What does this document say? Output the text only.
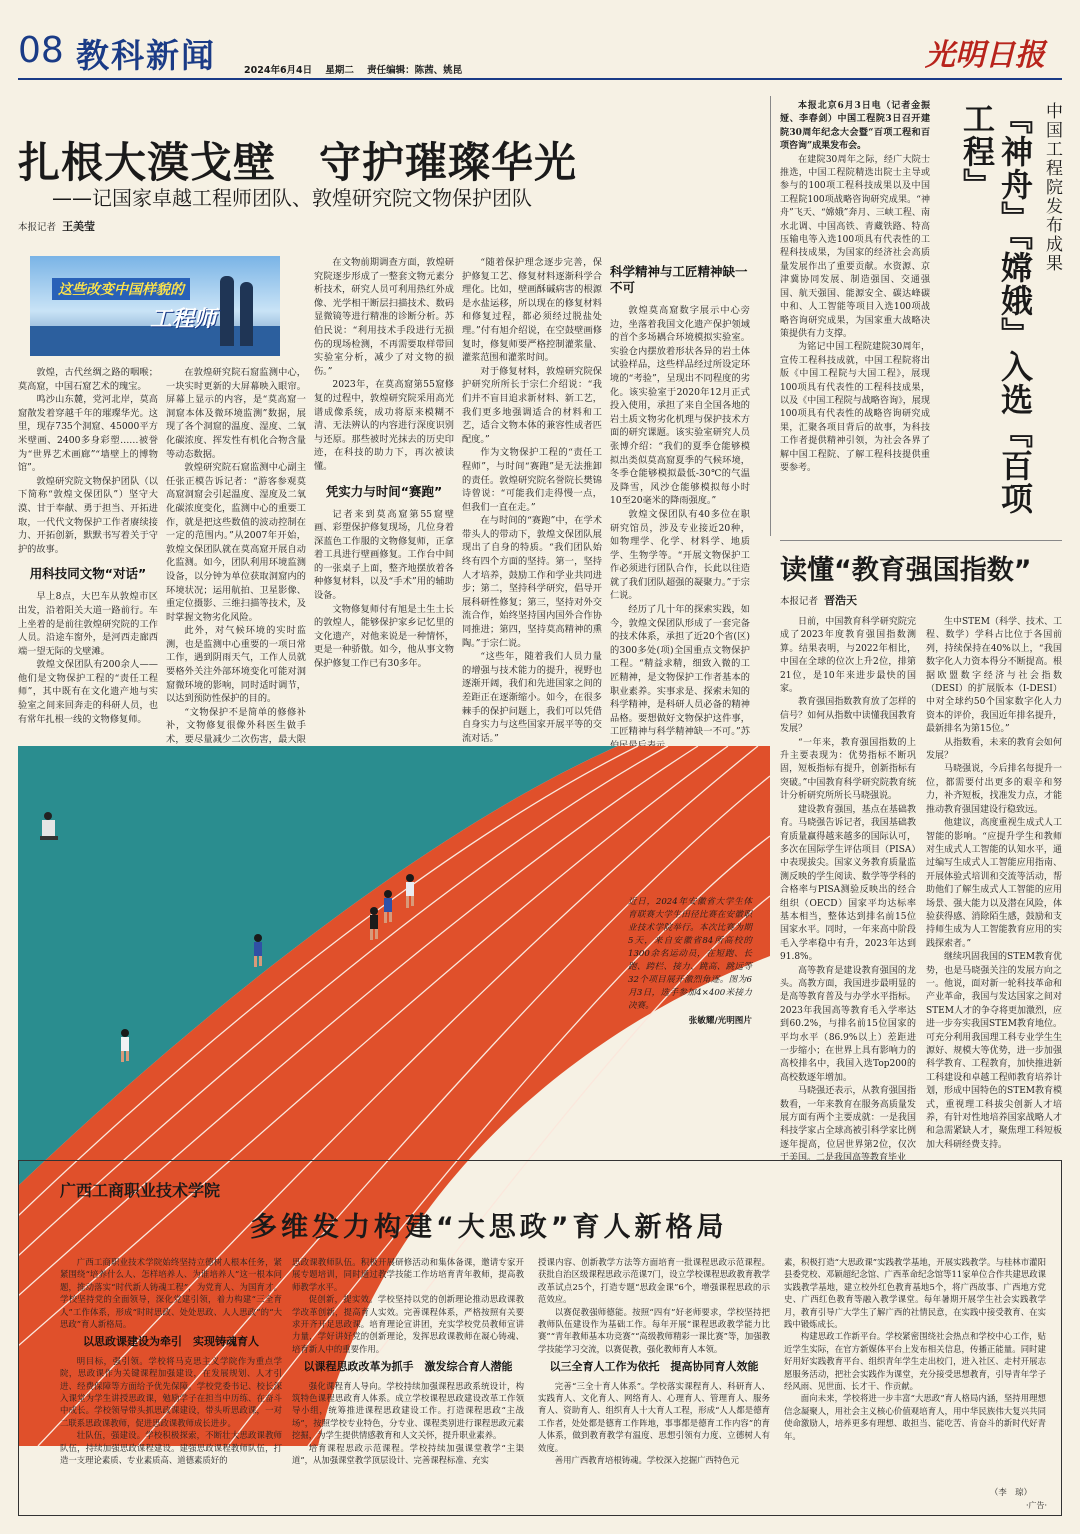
08 教科新闻	2024年6月4日 星期二 责任编辑：陈茜、姚昆	光明日报
扎根大漠戈壁　守护璀璨华光
——记国家卓越工程师团队、敦煌研究院文物保护团队
本报记者 王美莹
这些改变中国样貌的
工程师

敦煌，古代丝绸之路的咽喉；莫高窟，中国石窟艺术的瑰宝。

鸣沙山东麓，党河北岸，莫高窟散发着穿越千年的璀璨华光。这里，现存735个洞窟、45000平方米壁画、2400多身彩塑……被誉为“世界艺术画廊”“墙壁上的博物馆”。

敦煌研究院文物保护团队（以下简称“敦煌文保团队”）坚守大漠、甘于奉献、勇于担当、开拓进取，一代代文物保护工作者赓续接力、开拓创新，默默书写着关于守护的故事。

用科技同文物“对话”

早上8点，大巴车从敦煌市区出发，沿着阳关大道一路前行。车上坐着的是前往敦煌研究院的工作人员。沿途车窗外，是河西走廊西端一望无际的戈壁滩。

敦煌文保团队有200余人——他们是文物保护工程的“责任工程师”，其中既有在文化遗产地与实验室之间来回奔走的科研人员，也有常年扎根一线的文物修复师。

在敦煌研究院石窟监测中心，一块实时更新的大屏幕映入眼帘。屏幕上显示的内容，是“莫高窟一洞窟本体及微环境监测”数据，展现了各个洞窟的温度、湿度、二氧化碳浓度、挥发性有机化合物含量等动态数据。

敦煌研究院石窟监测中心副主任张正模告诉记者：“游客参观莫高窟洞窟会引起温度、湿度及二氧化碳浓度变化，监测中心的重要工作，就是把这些数值的波动控制在一定的范围内。”从2007年开始，敦煌文保团队就在莫高窟开展自动化监测。如今，团队利用环境监测设备，以分钟为单位获取洞窟内的环境状况；运用航拍、卫星影像、重定位摄影、三维扫描等技术，及时掌握文物劣化风险。

此外，对气候环境的实时监测，也是监测中心重要的一项日常工作，遇到阴雨天气，工作人员就要格外关注外部环境变化可能对洞窟微环境的影响，同时适时调节，以达到预防性保护的目的。

“文物保护不是简单的修修补补，文物修复很像外科医生做手术，要尽量减少二次伤害，最大限

在文物前期调查方面，敦煌研究院逐步形成了一整套文物元素分析技术，研究人员可利用热红外成像、光学相干断层扫描技术、数码显微镜等进行精准的诊断分析。苏伯民说：“利用技术手段进行无损伤的现场检测，不再需要取样带回实验室分析，减少了对文物的损伤。”

2023年，在莫高窟第55窟修复的过程中，敦煌研究院采用高光谱成像系统，成功将原来模糊不清、无法辨认的内容进行深度识别与还原。那些被时光抹去的历史印迹，在科技的助力下，再次被读懂。

凭实力与时间“赛跑”

记者来到莫高窟第55窟壁画、彩塑保护修复现场，几位身着深蓝色工作服的文物修复师，正拿着工具进行壁画修复。工作台中间的一张桌子上面，整齐地摆放着各种修复材料，以及“手术”用的辅助设备。

文物修复师付有旭是土生土长的敦煌人，能够保护家乡记忆里的文化遗产，对他来说是一种情怀，更是一种骄傲。如今，他从事文物保护修复工作已有30多年。

“随着保护理念逐步完善，保护修复工艺、修复材料逐渐科学合理化。比如，壁画酥碱病害的根源是水盐运移，所以现在的修复材料和修复过程，都必须经过脱盐处理。”付有旭介绍说，在空鼓壁画修复时，修复师要严格控制灌浆量、灌浆范围和灌浆时间。

对于修复材料，敦煌研究院保护研究所所长于宗仁介绍说：“我们并不盲目追求新材料、新工艺，我们更多地强调适合的材料和工艺，适合文物本体的兼容性成者匹配度。”

作为文物保护工程的“责任工程师”，与时间“赛跑”是无法推卸的责任。敦煌研究院名誉院长樊锦诗曾说：“可能我们走得慢一点，但我们一直在走。”

在与时间的“赛跑”中，在学术带头人的带动下，敦煌文保团队展现出了自身的特质。“我们团队始终有四个方面的坚持。第一，坚持人才培养，鼓励工作和学业共同进步；第二，坚持科学研究，倡导开展科研性修复；第三，坚持对外交流合作，始终坚持国内国外合作协同推进；第四，坚持莫高精神的熏陶。”于宗仁说。

“这些年，随着我们人员力量的增强与技术能力的提升，视野也逐渐开阔，我们和先进国家之间的差距正在逐渐缩小。如今，在很多棘手的保护问题上，我们可以凭借自身实力与这些国家开展平等的交流对话。”

科学精神与工匠精神缺一不可

敦煌莫高窟数字展示中心旁边，坐落着我国文化遗产保护领域的首个多场耦合环境模拟实验室。实验仓内摆放着形状各异的岩土体试验样品，这些样品经过所设定环境的“考验”，呈现出不同程度的劣化。该实验室于2020年12月正式投入使用，承担了来自全国各地的岩土质文物劣化机理与保护技术方面的研究课题。该实验室研究人员张博介绍：“我们的夏季仓能够模拟出类似莫高窟夏季的气候环境，冬季仓能够模拟最低-30℃的气温及降雪，风沙仓能够模拟每小时10至20毫米的降雨强度。”

敦煌文保团队有40多位在职研究馆员，涉及专业接近20种，如物理学、化学、材料学、地质学、生物学等。“开展文物保护工作必须进行团队合作，长此以往造就了我们团队超强的凝聚力。”于宗仁说。

经历了几十年的探索实践，如今，敦煌文保团队形成了一套完备的技术体系，承担了近20个省(区)的300多处(项)全国重点文物保护工程。“精益求精，细致入微的工匠精神，是文物保护工作者基本的职业素养。实事求是、探索未知的科学精神，是科研人员必备的精神品格。要想做好文物保护这件事，工匠精神与科学精神缺一不可。”苏

本报北京6月3日电（记者金振娅、李春剑）中国工程院3日召开建院30周年纪念大会暨“百项工程和百项咨询”成果发布会。

在建院30周年之际，经广大院士推选，中国工程院精选出院士主导或参与的100项工程科技成果以及中国工程院100项战略咨询研究成果。“神舟”飞天、“嫦娥”奔月、三峡工程、南水北调、中国高铁、青藏铁路、特高压输电等入选100项具有代表性的工程科技成果，为国家的经济社会高质量发展作出了重要贡献。水资源、京津冀协同发展、制造强国、交通强国、航天强国、能源安全、碳达峰碳中和、人工智能等项目入选100项战略咨询研究成果，为国家重大战略决策提供有力支撑。

为铭记中国工程院建院30周年，宣传工程科技成就，中国工程院将出版《中国工程院与大国工程》，展现100项具有代表性的工程科技成果，以及《中国工程院与战略咨询》，展现100项具有代表性的战略咨询研究成果，汇聚各项目背后的故事，为科技工作者提供精神引领，为社会各界了解中国工程院、了解工程科技提供重要参考。

中国工程院发布成果
『神舟』『嫦娥』入选『百项工程』
读懂“教育强国指数”
本报记者 晋浩天

日前，中国教育科学研究院完成了2023年度教育强国指数测算。结果表明，与2022年相比，中国在全球的位次上升2位，排第21位，是10年来进步最快的国家。

教育强国指数教育放了怎样的信号？如何从指数中读懂我国教育发展？

“一年来，教育强国指数的上升主要表现为：优势指标不断巩固，短板指标有提升，创新指标有突破。”中国教育科学研究院教育统计分析研究所所长马晓强说。

建设教育强国，基点在基础教育。马晓强告诉记者，我国基础教育质量赢得越来越多的国际认可，多次在国际学生评估项目（PISA）中表现拔尖。国家义务教育质量监测反映的学生阅读、数学等学科的合格率与PISA测验反映出的经合组织（OECD）国家平均达标率基本相当，整体达到排名前15位国家水平。同时，一年来高中阶段毛入学率稳中有升，2023年达到91.8%。

高等教育是建设教育强国的龙头。高教方面，我国进步最明显的是高等教育普及与办学水平指标。2023年我国高等教育毛入学率达到60.2%，与排名前15位国家的平均水平（86.9%以上）差距进一步缩小；在世界上具有影响力的高校排名中，我国入选Top200的高校数逐年增加。

马晓强还表示，从教育强国指数看，一年来教育在服务高质量发展方面有两个主要成就：一是我国科技学家占全球高被引科学家比例逐年提高，位居世界第2位，仅次于美国。二是我国高等教育毕业

生中STEM（科学、技术、工程、数学）学科占比位于各国前列，持续保持在40%以上，“我国数字化人力资本得分不断提高。根据欧盟数字经济与社会指数（DESI）的扩展版本（I-DESI）中对全球约50个国家数字化人力资本的评价，我国近年排名提升，最新排名为第15位。”

从指数看，未来的教育会如何发展？

马晓强说，今后排名每提升一位，都需要付出更多的艰辛和努力，补齐短板，找准发力点，才能推动教育强国建设行稳致远。

他建议，高度重视生成式人工智能的影响。“应提升学生和教师对生成式人工智能的认知水平，通过编写生成式人工智能应用指南、开展体验式培训和交流等活动，帮助他们了解生成式人工智能的应用场景、强大能力以及潜在风险，体验获得感、消除陌生感，鼓励和支持师生成为人工智能教育应用的实践探索者。”

继续巩固我国的STEM教育优势，也是马晓强关注的发展方向之一。他说，面对新一轮科技革命和产业革命，我国与发达国家之间对STEM人才的争夺将更加激烈，应进一步夯实我国STEM教育地位。可充分利用我国理工科专业学生生源好、规模大等优势，进一步加强科学教育、工程教育，加快推进新工科建设和卓越工程师教育培养计划，形成中国特色的STEM教育模式，重视理工科拔尖创新人才培养，有针对性地培养国家战略人才和急需紧缺人才，聚焦理工科短板加大科研经费支持。

近日，2024年安徽省大学生体育联赛大学生田径比赛在安徽职业技术学院举行。本次比赛为期5天，来自安徽省84所高校的1300余名运动员，在短跑、长跑、跨栏、接力、跳高、跳远等32个项目展开激烈角逐。图为6月3日，选手参加4×400米接力决赛。
张敏耀/光明图片
广西工商职业技术学院
多维发力构建“大思政”育人新格局

广西工商职业技术学院始终坚持立德树人根本任务，紧紧围绕“培养什么人、怎样培养人、为谁培养人”这一根本问题，推动落实“时代新人铸魂工程”，为党育人、为国育才。学校坚持党的全面领导，深化党建引领，着力构建“三全育人”工作体系，形成“时时思政、处处思政、人人思政”的“大思政”育人新格局。

以思政课建设为牵引　实现铸魂育人

明目标，强引领。学校将马克思主义学院作为重点学院，思政课作为关键课程加强建设，在发展规划、人才引进、经费保障等方面给予优先保障。学校党委书记、校长深入课堂为学生讲授思政课，勉励学子在担当中历练、在奋斗中成长。学校领导带头抓思政课建设，带头听思政课，一对二联系思政课教师，促进思政课教师成长进步。

壮队伍，强建设。学校积极探索，不断壮大思政课教师队伍，持续加强思政课程建设。建强思政课程教师队伍，打造一支理论素质、专业素质高、道德素质好的

思政课教师队伍。积极开展研修活动和集体备课，邀请专家开展专题培训，同时通过教学技能工作坊培育青年教师，提高教师教学水平。

促创新，提实效。学校坚持以党的创新理论推动思政课教学改革创新，提高育人实效。完善课程体系，严格按照有关要求开齐开足思政课。培育理论宣讲团，充实学校党员教师宣讲力量，学好讲好党的创新理论，发挥思政课教师在凝心铸魂、培育新人中的重要作用。

以课程思政改革为抓手　激发综合育人潜能

强化课程育人导向。学校持续加强课程思政系统设计，构筑特色课程思政育人体系。成立学校课程思政建设改革工作领导小组，统筹推进课程思政建设工作。打造课程思政“主战场”，按照学校专业特色，分专业、课程类别进行课程思政元素挖掘，为学生提供情感教育和人文关怀，提升职业素养。

培育课程思政示范课程。学校持续加强课堂教学“主渠道”，从加强课堂教学顶层设计、完善课程标准、充实

授课内容、创新教学方法等方面培育一批课程思政示范课程。获批自治区级课程思政示范课7门，设立学校课程思政教育教学改革试点25个，打造专题“思政金课”6个，增强课程思政的示范效应。

以赛促教强师德能。按照“四有”好老师要求，学校坚持把教师队伍建设作为基础工作。每年开展“课程思政教学能力比赛”“青年教师基本功竞赛”“高级教师精彩一课比赛”等，加强教学技能学习交流，以赛促教，强化教师育人本领。

以三全育人工作为依托　提高协同育人效能

完善“三全十育人体系”。学校落实课程育人、科研育人、实践育人、文化育人、网络育人、心理育人、管理育人、服务育人、资助育人、组织育人十大育人工程，形成“人人都是德育工作者，处处都是德育工作阵地，事事都是德育工作内容”的育人体系，做到教育教学有温度、思想引领有力度、立德树人有效度。

善用广西教育培根铸魂。学校深入挖掘广西特色元

素，积极打造“大思政课”实践教学基地，开展实践教学。与桂林市灌阳县委党校、邓颖超纪念馆、广西革命纪念馆等11家单位合作共建思政课实践教学基地，建立校外红色教育基地5个，将广西故事、广西地方党史、广西红色教育等融入教学课堂。每年暑期开展学生社会实践教学月，教育引导广大学生了解广西的社情民意，在实践中接受教育、在实践中锻炼成长。

构建思政工作新平台。学校紧密围绕社会热点和学校中心工作，贴近学生实际，在官方新媒体平台上发布相关信息，传播正能量。同时建好用好实践教育平台、组织青年学生走出校门，进入社区、走村开展志愿服务活动，把社会实践作为课堂，充分接受思想教育，引导青年学子经风雨、见世面、长才干、作贡献。

面向未来，学校将进一步丰富“大思政”育人格局内涵，坚持用理想信念凝聚人，用社会主义核心价值观培育人，用中华民族伟大复兴共同使命激励人，培养更多有理想、敢担当、能吃苦、肯奋斗的新时代好青年。

（李　琼）
·广告·
